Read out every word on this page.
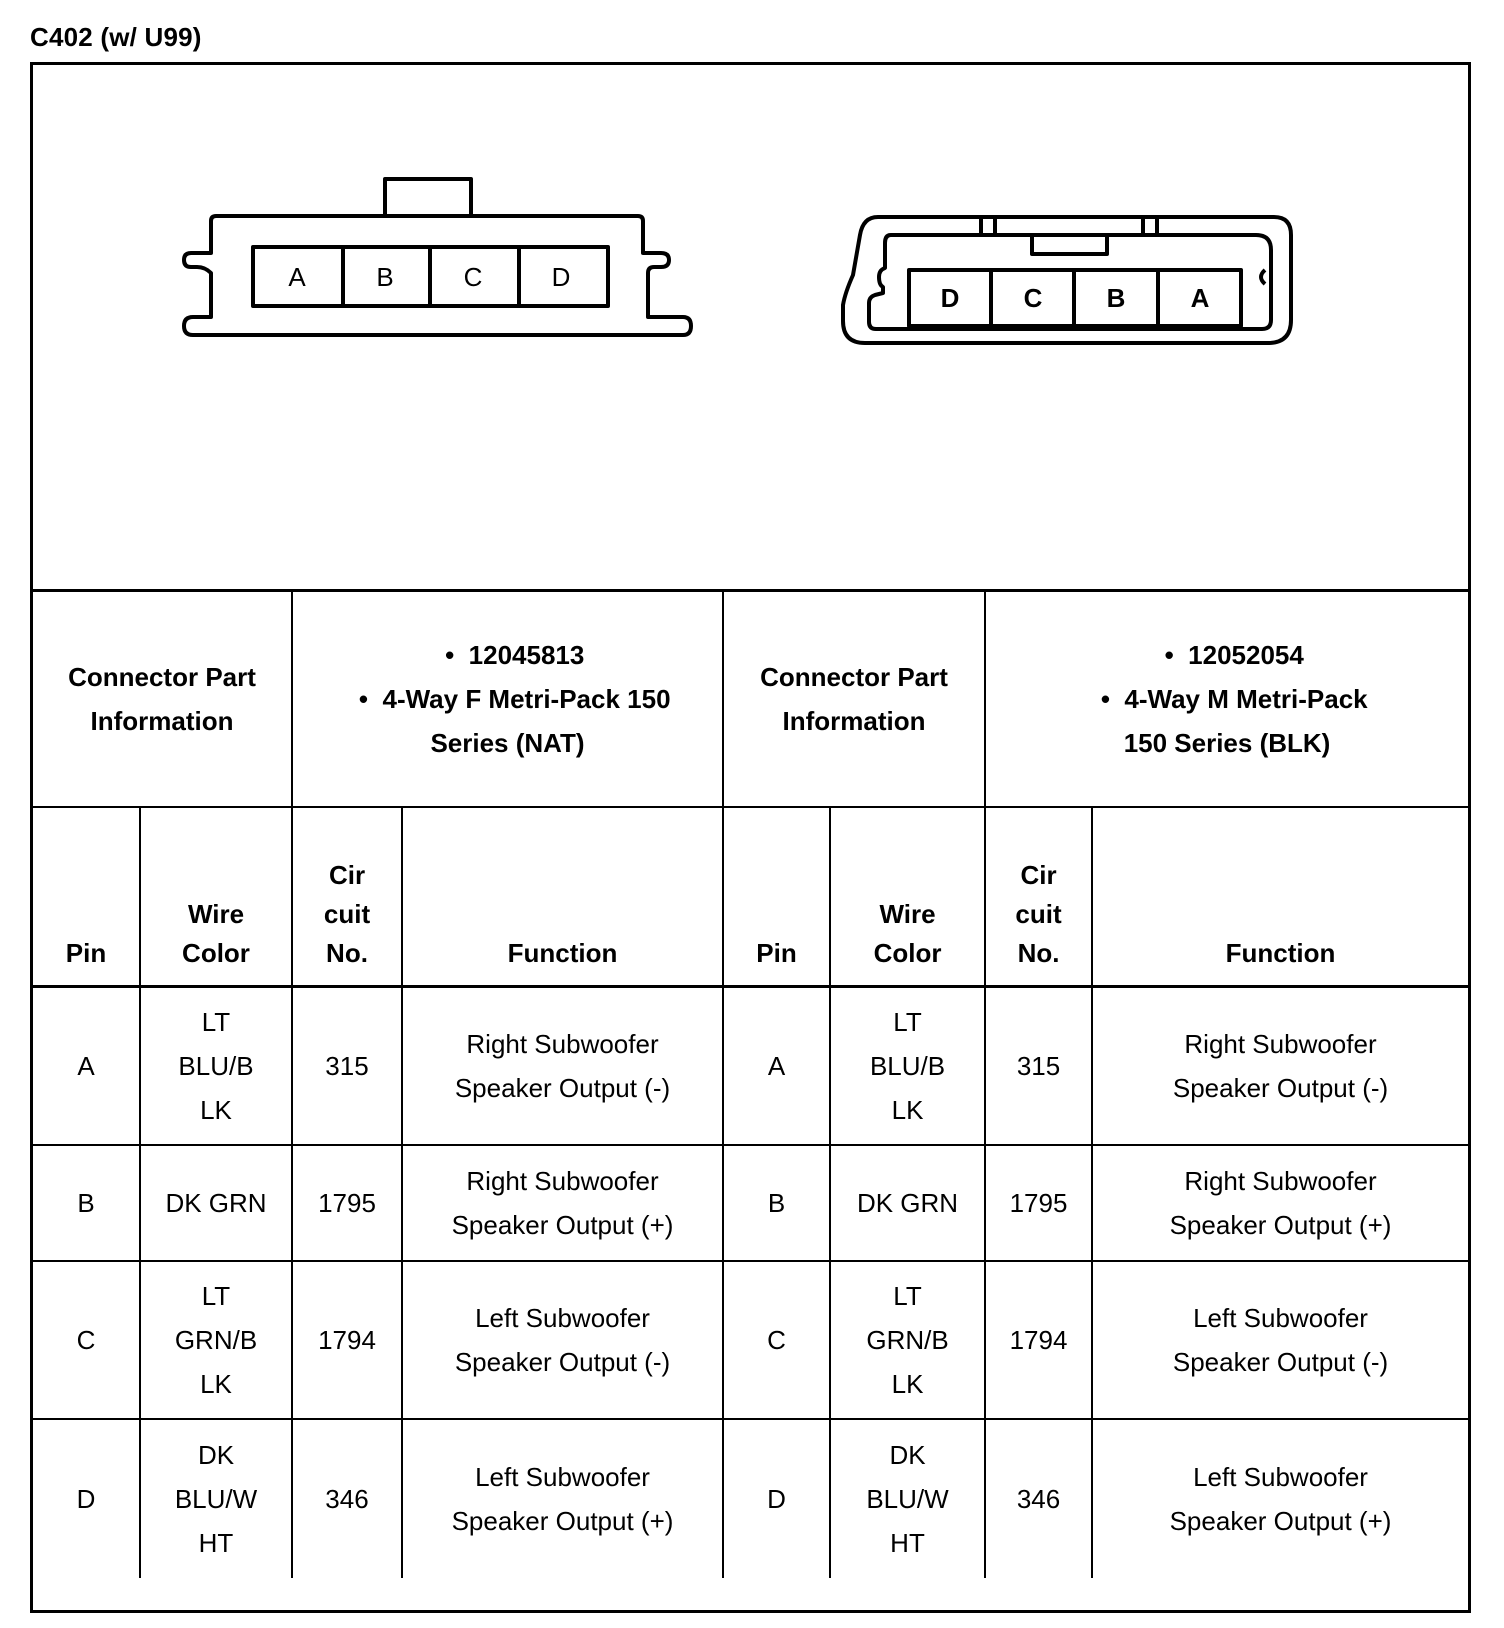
C402 (w/ U99)
A	B	C	D
D C B	A
Connector Part
Information		• 12045813
• 4-Way F Metri-Pack 150
Series (NAT)		Connector Part
Information		• 12052054
• 4-Way M Metri-Pack
150 Series (BLK)	

Pin	Wire
Color	Cir
cuit
No.	Function	Pin	Wire
Color	Cir
cuit
No.	Function

A	LT
BLU/B
LK	315	Right Subwoofer
Speaker Output (-)	A	LT
BLU/B
LK	315	Right Subwoofer
Speaker Output (-)

B	DK GRN	1795	Right Subwoofer
Speaker Output (+)	B	DK GRN	1795	Right Subwoofer
Speaker Output (+)

C	LT
GRN/B
LK	1794	Left Subwoofer
Speaker Output (-)	C	LT
GRN/B
LK	1794	Left Subwoofer
Speaker Output (-)

D	DK
BLU/W
HT	346	Left Subwoofer
Speaker Output (+)	D	DK
BLU/W
HT	346	Left Subwoofer
Speaker Output (+)
